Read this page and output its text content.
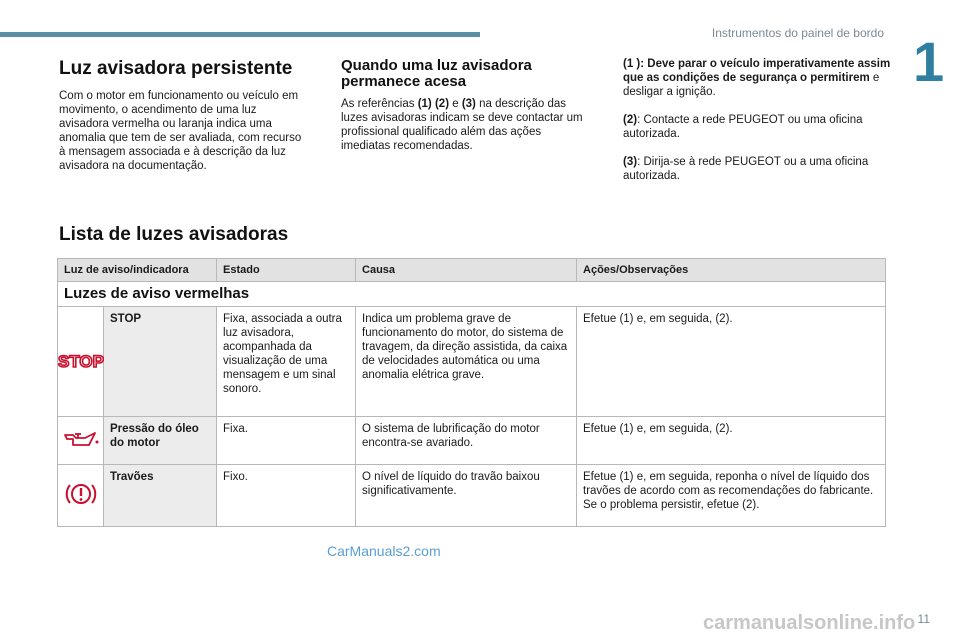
Instrumentos do painel de bordo 1
Luz avisadora persistente

Com o motor em funcionamento ou veículo em movimento, o acendimento de uma luz avisadora vermelha ou laranja indica uma anomalia que tem de ser avaliada, com recurso à mensagem associada e à descrição da luz avisadora na documentação.

Quando uma luz avisadora permanece acesa

As referências (1) (2) e (3) na descrição das luzes avisadoras indicam se deve contactar um profissional qualificado além das ações imediatas recomendadas.

(1 ): Deve parar o veículo imperativamente assim que as condições de segurança o permitirem e desligar a ignição.

(2): Contacte a rede PEUGEOT ou uma oficina autorizada.

(3): Dirija-se à rede PEUGEOT ou a uma oficina autorizada.

Lista de luzes avisadoras
Luz de aviso/indicadora		Estado	Causa	Ações/Observações
Luzes de aviso vermelhas				

STOP	STOP	Fixa, associada a outra luz avisadora, acompanhada da visualização de uma mensagem e um sinal sonoro.	Indica um problema grave de funcionamento do motor, do sistema de travagem, da direção assistida, da caixa de velocidades automática ou uma anomalia elétrica grave.	Efetue (1) e, em seguida, (2).
	Pressão do óleo do motor	Fixa.	O sistema de lubrificação do motor encontra-se avariado.	Efetue (1) e, em seguida, (2).
	Travões	Fixo.	O nível de líquido do travão baixou significativamente.	Efetue (1) e, em seguida, reponha o nível de líquido dos travões de acordo com as recomendações do fabricante. Se o problema persistir, efetue (2).
CarManuals2.com
11
carmanualsonline.info
